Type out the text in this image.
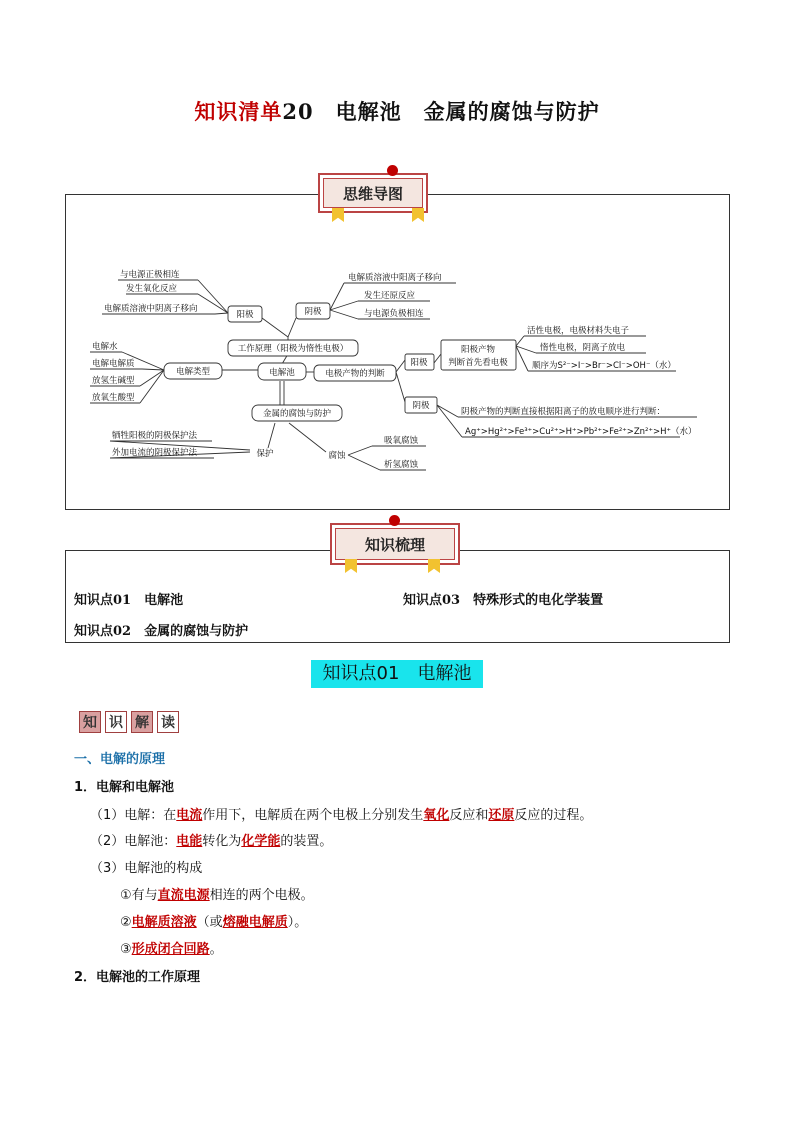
知识清单20　电解池　金属的腐蚀与防护
思维导图
阳极	阴极
工作原理（阳极为惰性电极）
电解池
电解类型	电极产物的判断
阳极
阳极产物
判断首先看电极
阴极
金属的腐蚀与防护
保护	腐蚀
与电源正极相连
发生氧化反应
电解质溶液中阴离子移向
电解质溶液中阳离子移向
发生还原反应
与电源负极相连
电解水
电解电解质
放氢生碱型
放氧生酸型
活性电极，电极材料失电子
惰性电极，阴离子放电
顺序为S²⁻>I⁻>Br⁻>Cl⁻>OH⁻（水）
阴极产物的判断直接根据阳离子的放电顺序进行判断：
Ag⁺>Hg²⁺>Fe³⁺>Cu²⁺>H⁺>Pb²⁺>Fe²⁺>Zn²⁺>H⁺（水）
牺牲阳极的阴极保护法
外加电流的阴极保护法
吸氧腐蚀
析氢腐蚀
知识梳理
知识点01　电解池	知识点03　特殊形式的电化学装置
知识点02　金属的腐蚀与防护
知识点01　电解池
知 识 解 读
一、电解的原理
1．电解和电解池
（1）电解：在电流作用下，电解质在两个电极上分别发生氧化反应和还原反应的过程。
（2）电解池：电能转化为化学能的装置。
（3）电解池的构成
①有与直流电源相连的两个电极。
②电解质溶液（或熔融电解质）。
③形成闭合回路。
2．电解池的工作原理
